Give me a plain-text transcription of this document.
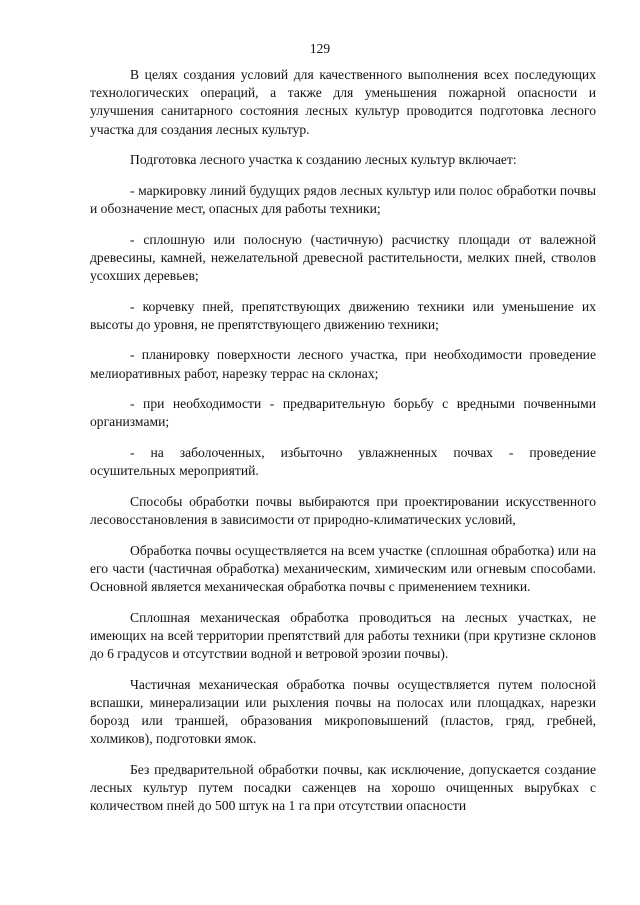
129

В целях создания условий для качественного выполнения всех последующих технологических операций, а также для уменьшения пожарной опасности и улучшения санитарного состояния лесных культур проводится подготовка лесного участка для создания лесных культур.

Подготовка лесного участка к созданию лесных культур включает:

- маркировку линий будущих рядов лесных культур или полос обработки почвы и обозначение мест, опасных для работы техники;

- сплошную или полосную (частичную) расчистку площади от валежной древесины, камней, нежелательной древесной растительности, мелких пней, стволов усохших деревьев;

- корчевку пней, препятствующих движению техники или уменьшение их высоты до уровня, не препятствующего движению техники;

- планировку поверхности лесного участка, при необходимости проведение мелиоративных работ, нарезку террас на склонах;

- при необходимости - предварительную борьбу с вредными почвенными организмами;

- на заболоченных, избыточно увлажненных почвах - проведение осушительных мероприятий.

Способы обработки почвы выбираются при проектировании искусственного лесовосстановления в зависимости от природно-климатических условий,

Обработка почвы осуществляется на всем участке (сплошная обработка) или на его части (частичная обработка) механическим, химическим или огневым способами. Основной является механическая обработка почвы с применением техники.

Сплошная механическая обработка проводиться на лесных участках, не имеющих на всей территории препятствий для работы техники (при крутизне склонов до 6 градусов и отсутствии водной и ветровой эрозии почвы).

Частичная механическая обработка почвы осуществляется путем полосной вспашки, минерализации или рыхления почвы на полосах или площадках, нарезки борозд или траншей, образования микроповышений (пластов, гряд, гребней, холмиков), подготовки ямок.

Без предварительной обработки почвы, как исключение, допускается создание лесных культур путем посадки саженцев на хорошо очищенных вырубках с количеством пней до 500 штук на 1 га при отсутствии опасности
